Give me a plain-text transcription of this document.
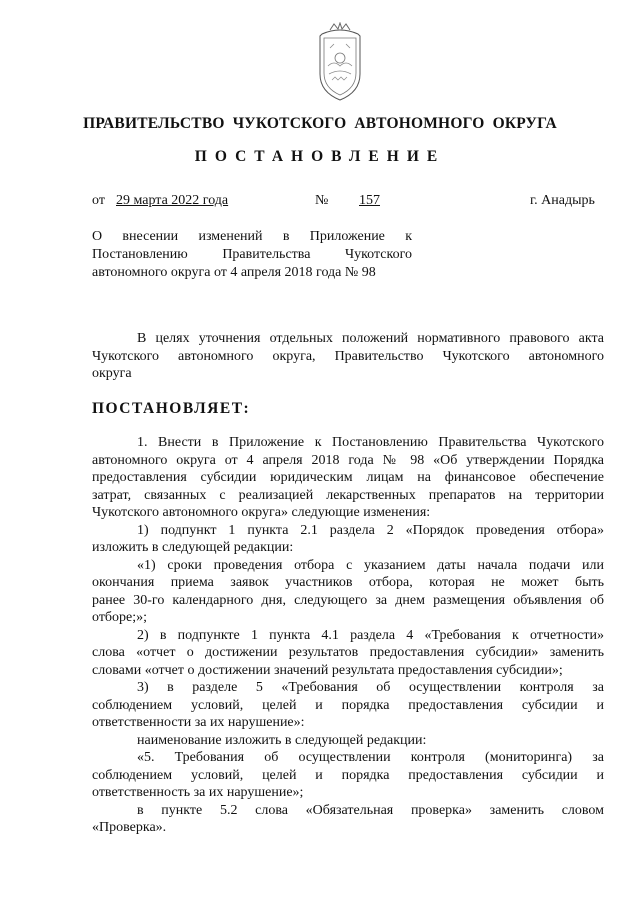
ПРАВИТЕЛЬСТВО ЧУКОТСКОГО АВТОНОМНОГО ОКРУГА
ПОСТАНОВЛЕНИЕ
от 29 марта 2022 года	№	157	г. Анадырь
О внесении изменений в Приложение к
Постановлению Правительства Чукотского
автономного округа от 4 апреля 2018 года № 98
В целях уточнения отдельных положений нормативного правового акта
Чукотского автономного округа, Правительство Чукотского автономного
округа
ПОСТАНОВЛЯЕТ:
1. Внести в Приложение к Постановлению Правительства Чукотского
автономного округа от 4 апреля 2018 года № 98 «Об утверждении Порядка
предоставления субсидии юридическим лицам на финансовое обеспечение
затрат, связанных с реализацией лекарственных препаратов на территории
Чукотского автономного округа» следующие изменения:
1) подпункт 1 пункта 2.1 раздела 2 «Порядок проведения отбора»
изложить в следующей редакции:
«1) сроки проведения отбора с указанием даты начала подачи или
окончания приема заявок участников отбора, которая не может быть
ранее 30-го календарного дня, следующего за днем размещения объявления об
отборе;»;
2) в подпункте 1 пункта 4.1 раздела 4 «Требования к отчетности»
слова «отчет о достижении результатов предоставления субсидии» заменить
словами «отчет о достижении значений результата предоставления субсидии»;
3) в разделе 5 «Требования об осуществлении контроля за
соблюдением условий, целей и порядка предоставления субсидии и
ответственности за их нарушение»:
наименование изложить в следующей редакции:
«5. Требования об осуществлении контроля (мониторинга) за
соблюдением условий, целей и порядка предоставления субсидии и
ответственность за их нарушение»;
в пункте 5.2 слова «Обязательная проверка» заменить словом
«Проверка».
